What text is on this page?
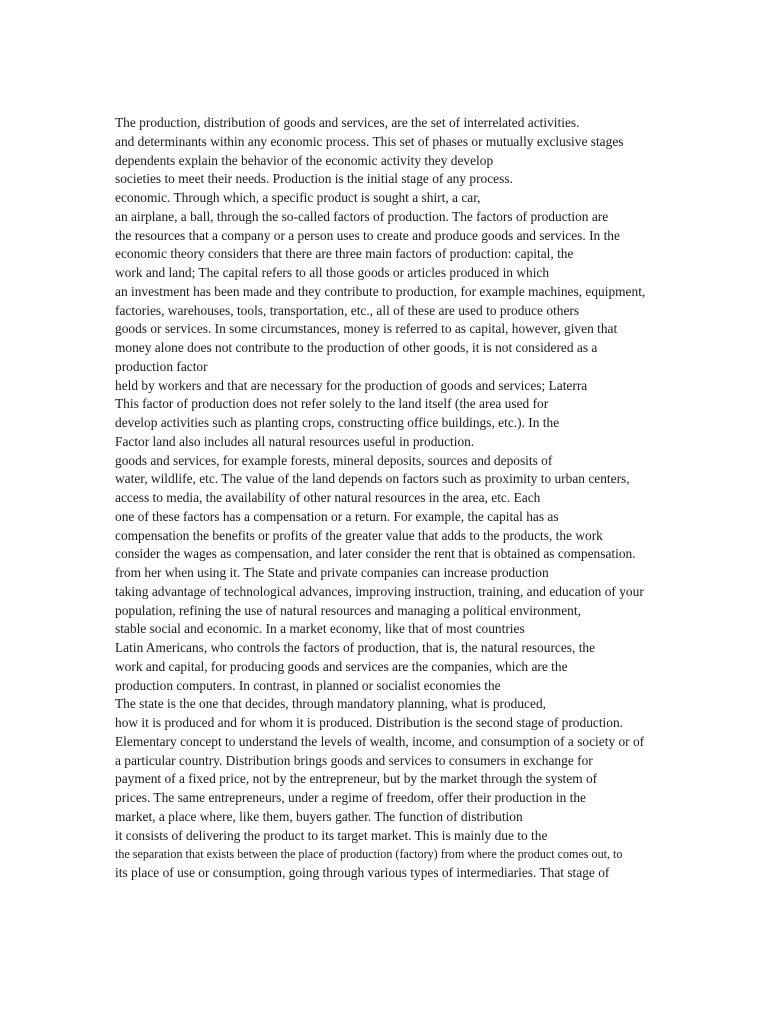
The production, distribution of goods and services, are the set of interrelated activities.
and determinants within any economic process. This set of phases or mutually exclusive stages
dependents explain the behavior of the economic activity they develop
societies to meet their needs. Production is the initial stage of any process.
economic. Through which, a specific product is sought a shirt, a car,
an airplane, a ball, through the so-called factors of production. The factors of production are
the resources that a company or a person uses to create and produce goods and services. In the
economic theory considers that there are three main factors of production: capital, the
work and land; The capital refers to all those goods or articles produced in which
an investment has been made and they contribute to production, for example machines, equipment,
factories, warehouses, tools, transportation, etc., all of these are used to produce others
goods or services. In some circumstances, money is referred to as capital, however, given that
money alone does not contribute to the production of other goods, it is not considered as a
production factor
held by workers and that are necessary for the production of goods and services; Laterra
This factor of production does not refer solely to the land itself (the area used for
develop activities such as planting crops, constructing office buildings, etc.). In the
Factor land also includes all natural resources useful in production.
goods and services, for example forests, mineral deposits, sources and deposits of
water, wildlife, etc. The value of the land depends on factors such as proximity to urban centers,
access to media, the availability of other natural resources in the area, etc. Each
one of these factors has a compensation or a return. For example, the capital has as
compensation the benefits or profits of the greater value that adds to the products, the work
consider the wages as compensation, and later consider the rent that is obtained as compensation.
from her when using it. The State and private companies can increase production
taking advantage of technological advances, improving instruction, training, and education of your
population, refining the use of natural resources and managing a political environment,
stable social and economic. In a market economy, like that of most countries
Latin Americans, who controls the factors of production, that is, the natural resources, the
work and capital, for producing goods and services are the companies, which are the
production computers. In contrast, in planned or socialist economies the
The state is the one that decides, through mandatory planning, what is produced,
how it is produced and for whom it is produced. Distribution is the second stage of production.
Elementary concept to understand the levels of wealth, income, and consumption of a society or of
a particular country. Distribution brings goods and services to consumers in exchange for
payment of a fixed price, not by the entrepreneur, but by the market through the system of
prices. The same entrepreneurs, under a regime of freedom, offer their production in the
market, a place where, like them, buyers gather. The function of distribution
it consists of delivering the product to its target market. This is mainly due to the
the separation that exists between the place of production (factory) from where the product comes out, to
its place of use or consumption, going through various types of intermediaries. That stage of
